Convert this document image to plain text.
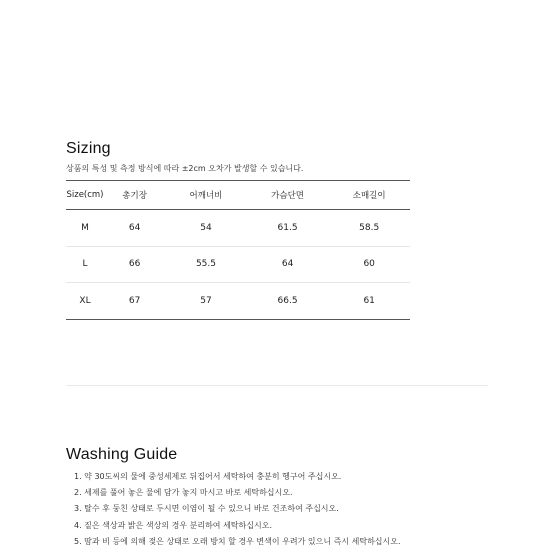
Sizing
상품의 특성 및 측정 방식에 따라 ±2cm 오차가 발생할 수 있습니다.
Size(cm)	총기장	어깨너비	가슴단면	소매길이
M	64	54	61.5	58.5
L	66	55.5	64	60
XL	67	57	66.5	61
Washing Guide
1. 약 30도씨의 물에 중성세제로 뒤집어서 세탁하여 충분히 헹구어 주십시오.
2. 세제를 풀어 놓은 물에 담가 놓지 마시고 바로 세탁하십시오.
3. 탈수 후 둥친 상태로 두시면 이염이 될 수 있으니 바로 건조하여 주십시오.
4. 짙은 색상과 밝은 색상의 경우 분리하여 세탁하십시오.
5. 땀과 비 등에 의해 젖은 상태로 오래 방치 할 경우 변색이 우려가 있으니 즉시 세탁하십시오.
